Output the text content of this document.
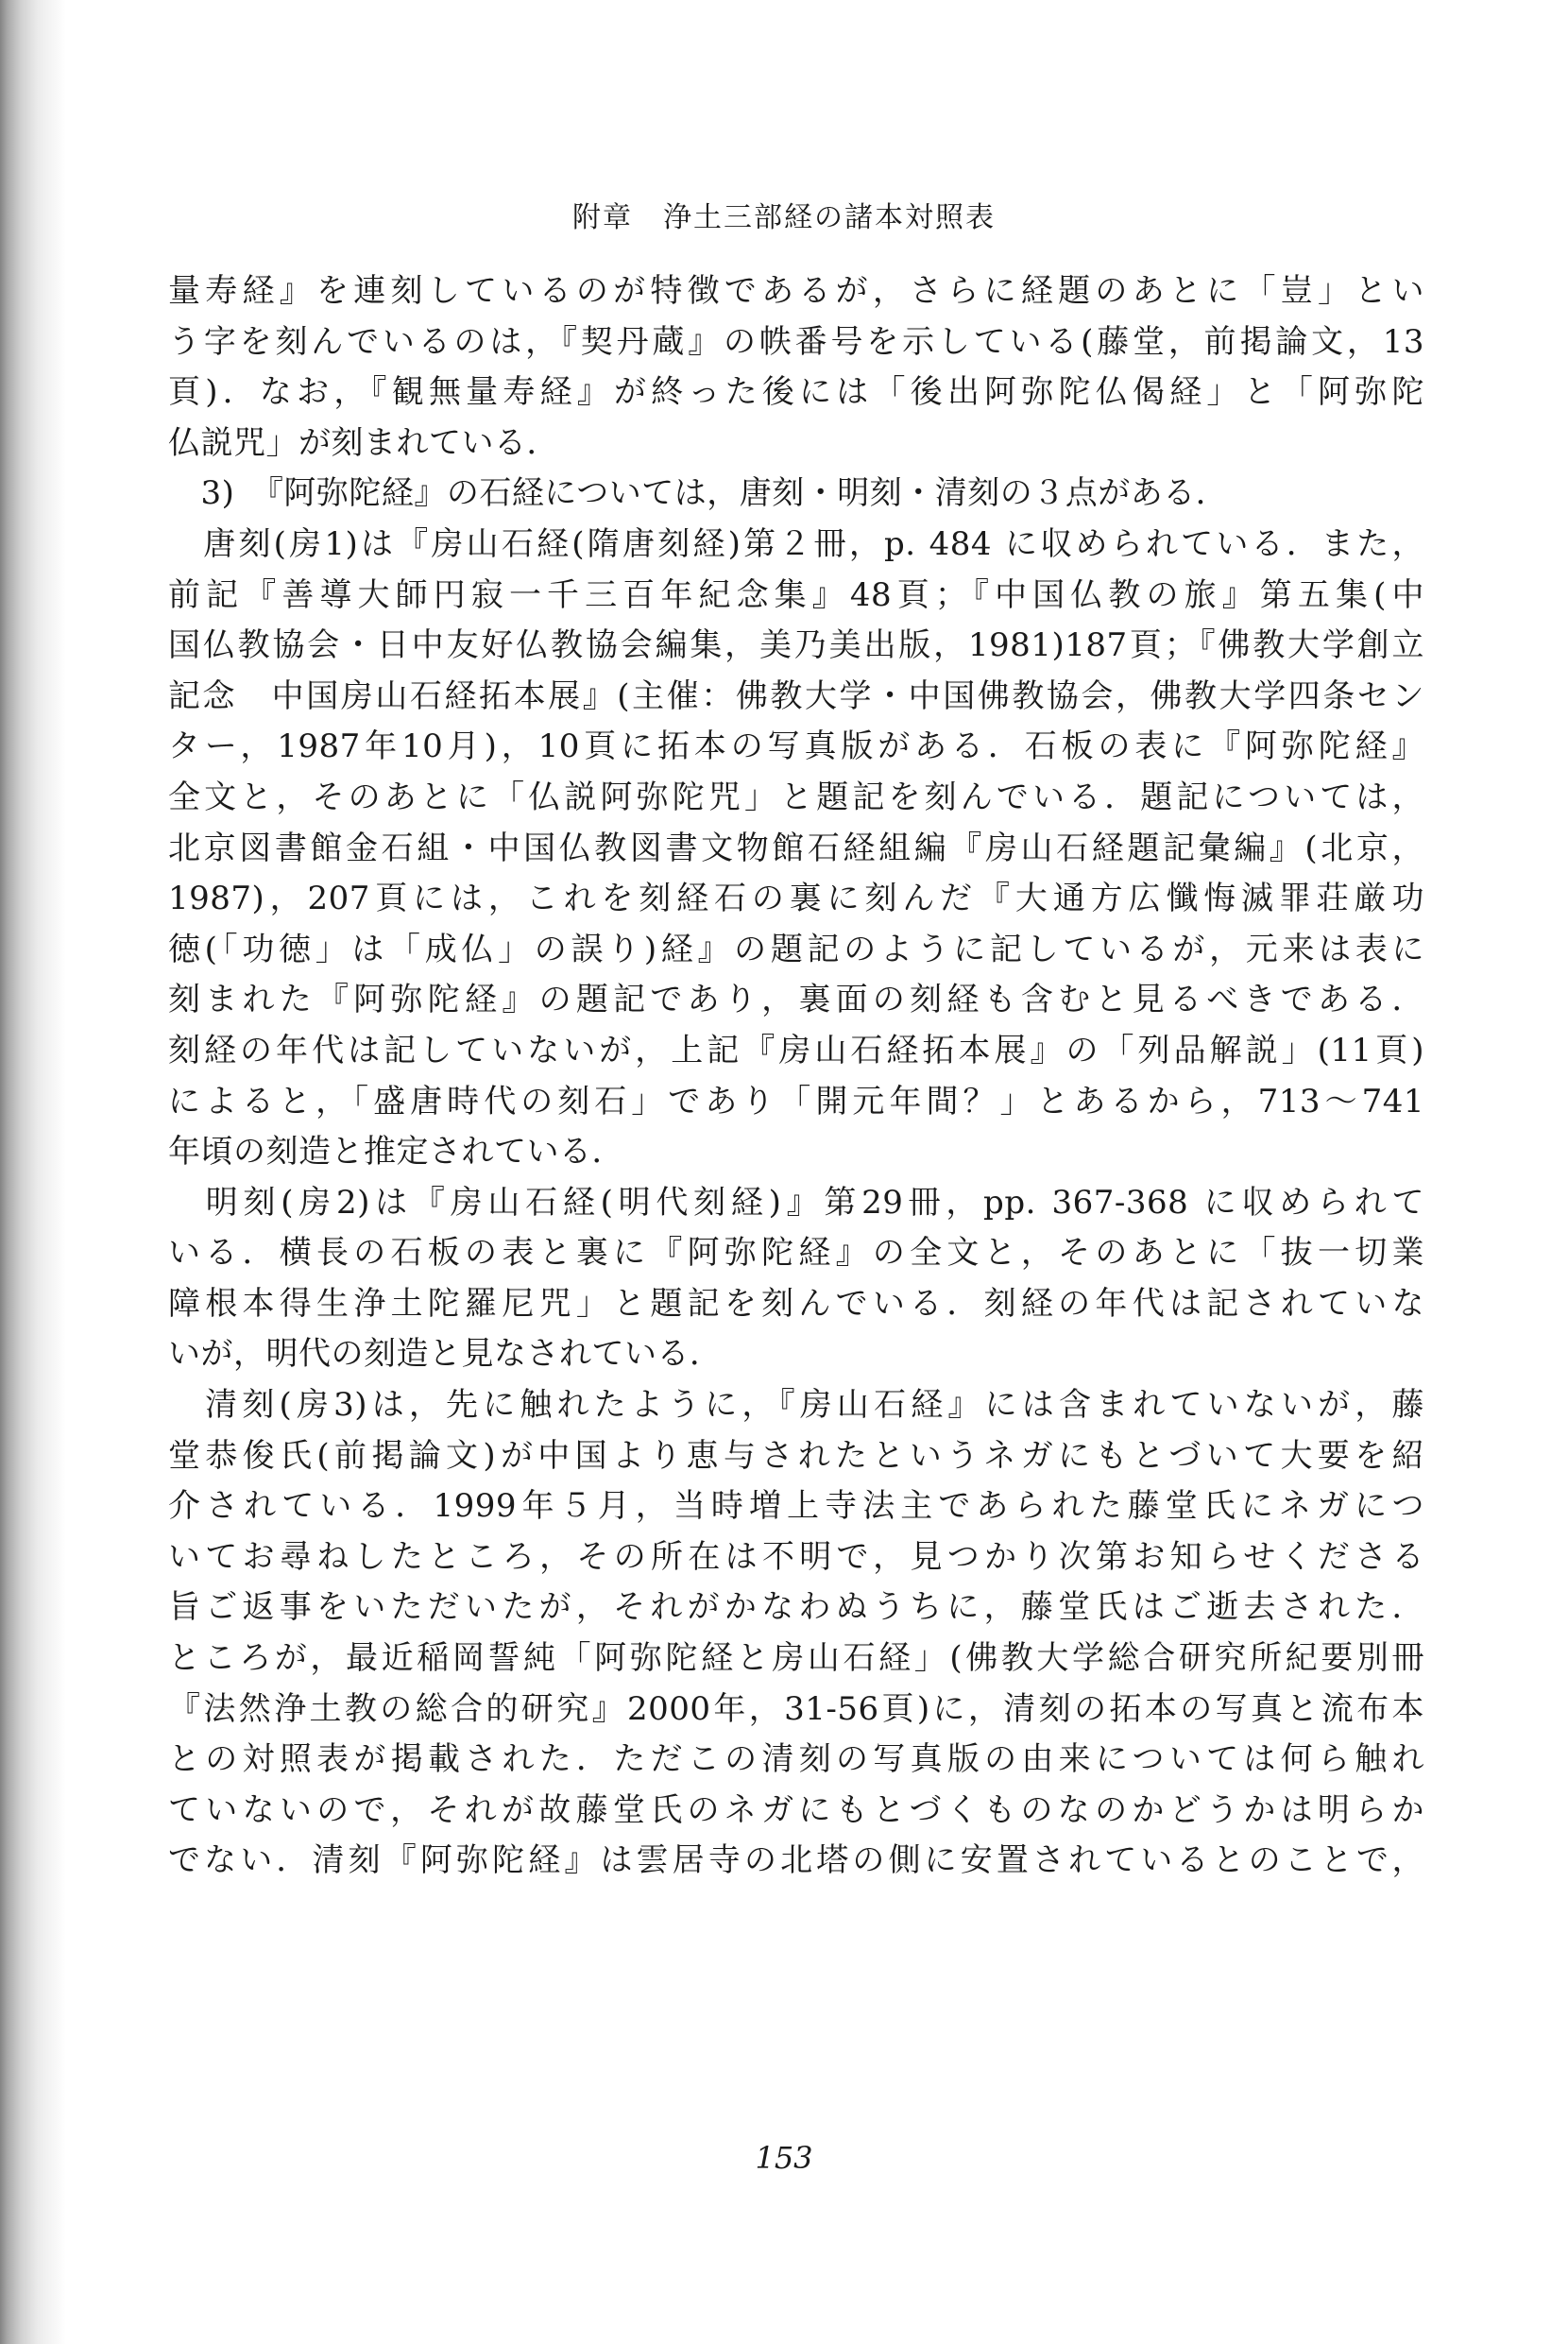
附章　浄土三部経の諸本対照表
量寿経』を連刻しているのが特徴であるが，さらに経題のあとに「豈」とい
う字を刻んでいるのは，『契丹蔵』の帙番号を示している(藤堂，前掲論文，13
頁)．なお，『観無量寿経』が終った後には「後出阿弥陀仏偈経」と「阿弥陀
仏説咒」が刻まれている．
　3)　『阿弥陀経』の石経については，唐刻・明刻・清刻の３点がある．
　唐刻(房1)は『房山石経(隋唐刻経)第２冊，p. 484 に収められている．また，
前記『善導大師円寂一千三百年紀念集』48頁；『中国仏教の旅』第五集(中
国仏教協会・日中友好仏教協会編集，美乃美出版，1981)187頁；『佛教大学創立
記念　中国房山石経拓本展』(主催：佛教大学・中国佛教協会，佛教大学四条セン
ター，1987年10月)，10頁に拓本の写真版がある．石板の表に『阿弥陀経』
全文と，そのあとに「仏説阿弥陀咒」と題記を刻んでいる．題記については，
北京図書館金石組・中国仏教図書文物館石経組編『房山石経題記彙編』(北京，
1987)，207頁には，これを刻経石の裏に刻んだ『大通方広懺悔滅罪荘厳功
徳(「功徳」は「成仏」の誤り)経』の題記のように記しているが，元来は表に
刻まれた『阿弥陀経』の題記であり，裏面の刻経も含むと見るべきである．
刻経の年代は記していないが，上記『房山石経拓本展』の「列品解説」(11頁)
によると，「盛唐時代の刻石」であり「開元年間？」とあるから，713〜741
年頃の刻造と推定されている．
　明刻(房2)は『房山石経(明代刻経)』第29冊，pp. 367-368 に収められて
いる．横長の石板の表と裏に『阿弥陀経』の全文と，そのあとに「抜一切業
障根本得生浄土陀羅尼咒」と題記を刻んでいる．刻経の年代は記されていな
いが，明代の刻造と見なされている．
　清刻(房3)は，先に触れたように，『房山石経』には含まれていないが，藤
堂恭俊氏(前掲論文)が中国より恵与されたというネガにもとづいて大要を紹
介されている．1999年５月，当時増上寺法主であられた藤堂氏にネガにつ
いてお尋ねしたところ，その所在は不明で，見つかり次第お知らせくださる
旨ご返事をいただいたが，それがかなわぬうちに，藤堂氏はご逝去された．
ところが，最近稲岡誓純「阿弥陀経と房山石経」(佛教大学総合研究所紀要別冊
『法然浄土教の総合的研究』2000年，31-56頁)に，清刻の拓本の写真と流布本
との対照表が掲載された．ただこの清刻の写真版の由来については何ら触れ
ていないので，それが故藤堂氏のネガにもとづくものなのかどうかは明らか
でない．清刻『阿弥陀経』は雲居寺の北塔の側に安置されているとのことで，
153
